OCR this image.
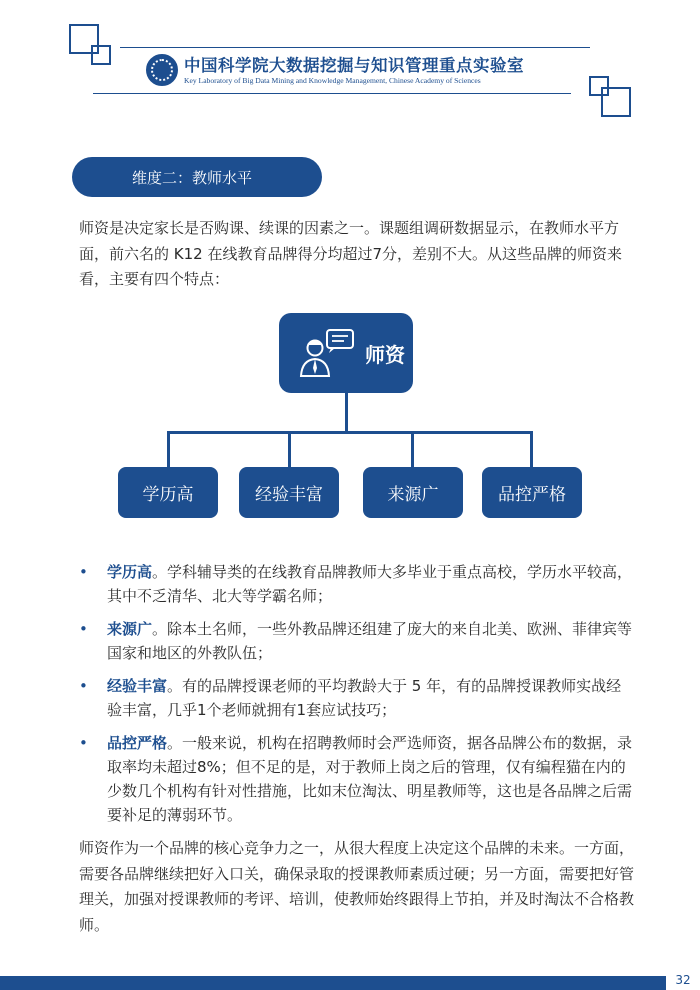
中国科学院大数据挖掘与知识管理重点实验室
Key Laboratory of Big Data Mining and Knowledge Management, Chinese Academy of Sciences
维度二：教师水平

师资是决定家长是否购课、续课的因素之一。课题组调研数据显示，在教师水平方面，前六名的 K12 在线教育品牌得分均超过7分，差别不大。从这些品牌的师资来看，主要有四个特点：

师资
学历高	经验丰富	来源广	品控严格
• 学历高。学科辅导类的在线教育品牌教师大多毕业于重点高校，学历水平较高，其中不乏清华、北大等学霸名师；
• 来源广。除本土名师，一些外教品牌还组建了庞大的来自北美、欧洲、菲律宾等国家和地区的外教队伍；
• 经验丰富。有的品牌授课老师的平均教龄大于 5 年，有的品牌授课教师实战经验丰富，几乎1个老师就拥有1套应试技巧；
• 品控严格。一般来说，机构在招聘教师时会严选师资，据各品牌公布的数据，录取率均未超过8%；但不足的是，对于教师上岗之后的管理，仅有编程猫在内的少数几个机构有针对性措施，比如末位淘汰、明星教师等，这也是各品牌之后需要补足的薄弱环节。

师资作为一个品牌的核心竞争力之一，从很大程度上决定这个品牌的未来。一方面，需要各品牌继续把好入口关，确保录取的授课教师素质过硬；另一方面，需要把好管理关，加强对授课教师的考评、培训，使教师始终跟得上节拍，并及时淘汰不合格教师。

32
